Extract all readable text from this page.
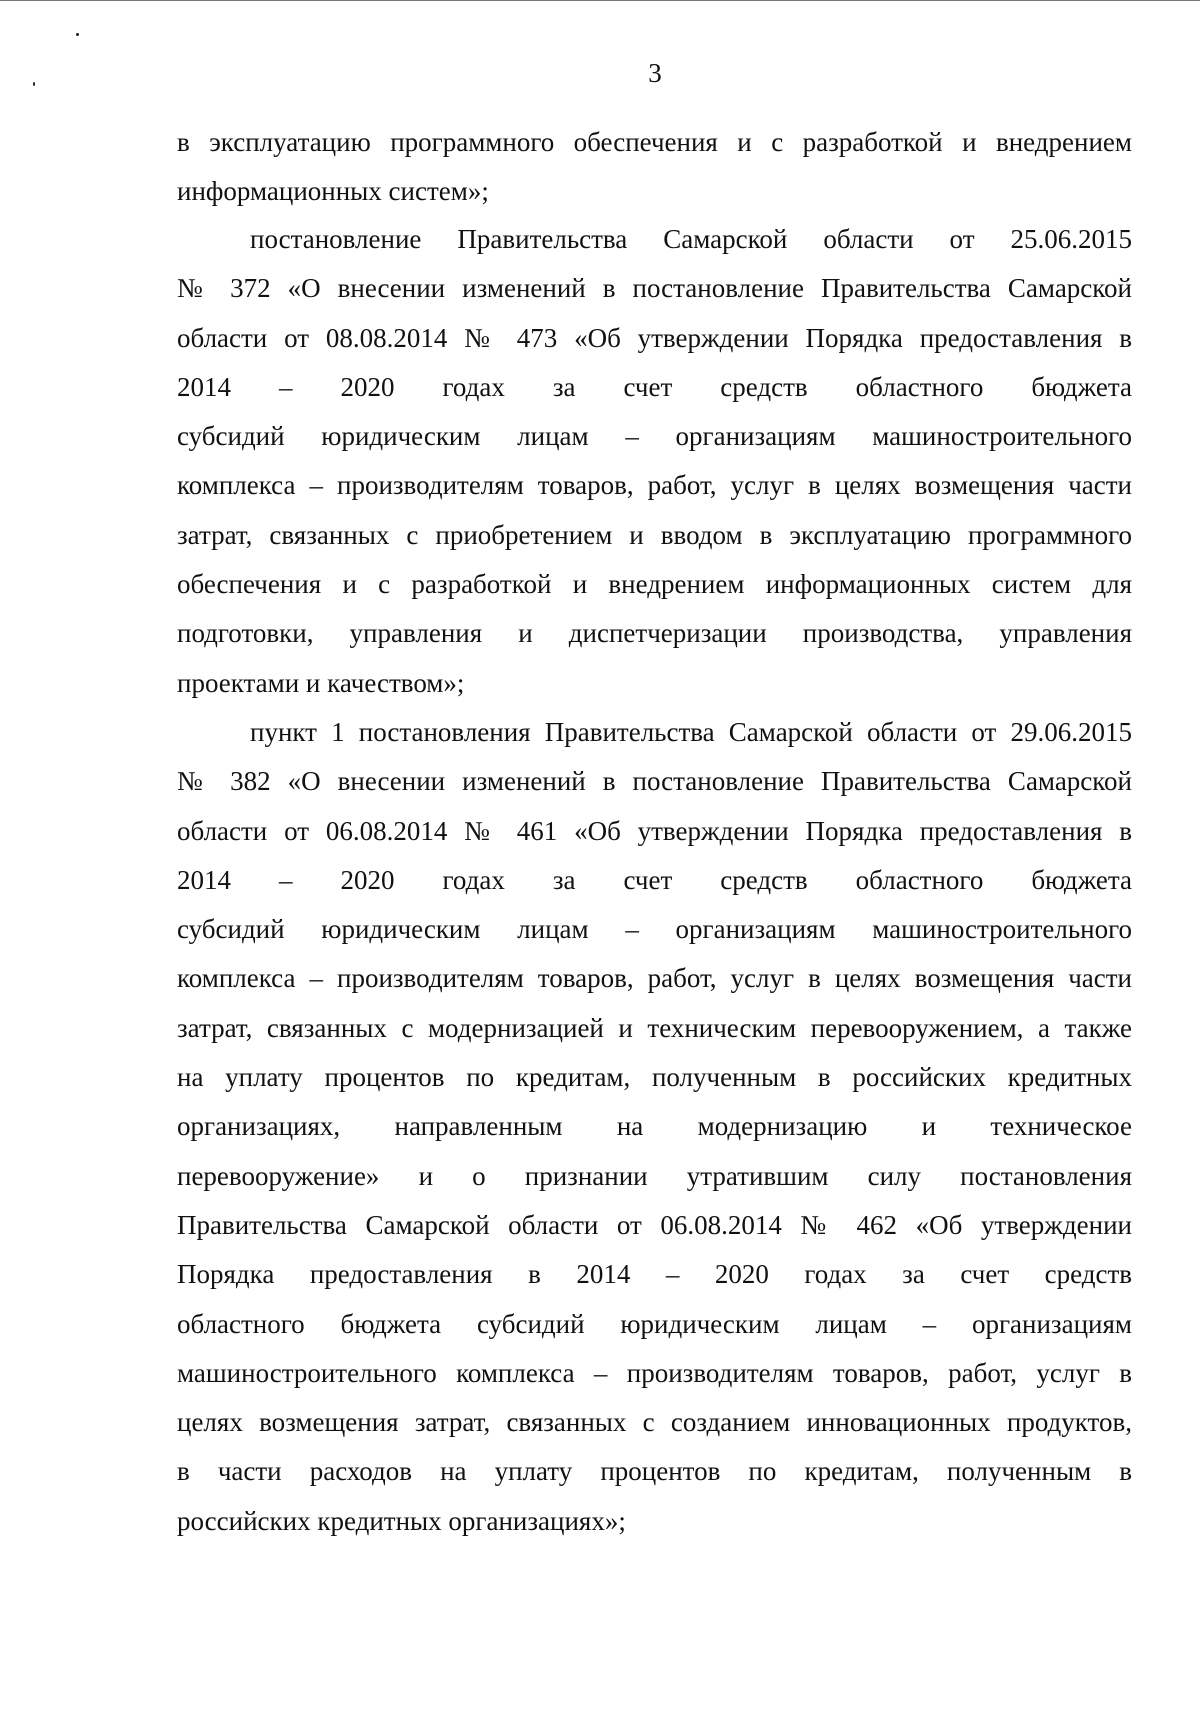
3
в эксплуатацию программного обеспечения и с разработкой и внедрением
информационных систем»;
постановление Правительства Самарской области от 25.06.2015
№ 372 «О внесении изменений в постановление Правительства Самарской
области от 08.08.2014 № 473 «Об утверждении Порядка предоставления в
2014 – 2020 годах за счет средств областного бюджета
субсидий юридическим лицам – организациям машиностроительного
комплекса – производителям товаров, работ, услуг в целях возмещения части
затрат, связанных с приобретением и вводом в эксплуатацию программного
обеспечения и с разработкой и внедрением информационных систем для
подготовки, управления и диспетчеризации производства, управления
проектами и качеством»;
пункт 1 постановления Правительства Самарской области от 29.06.2015
№ 382 «О внесении изменений в постановление Правительства Самарской
области от 06.08.2014 № 461 «Об утверждении Порядка предоставления в
2014 – 2020 годах за счет средств областного бюджета
субсидий юридическим лицам – организациям машиностроительного
комплекса – производителям товаров, работ, услуг в целях возмещения части
затрат, связанных с модернизацией и техническим перевооружением, а также
на уплату процентов по кредитам, полученным в российских кредитных
организациях, направленным на модернизацию и техническое
перевооружение» и о признании утратившим силу постановления
Правительства Самарской области от 06.08.2014 № 462 «Об утверждении
Порядка предоставления в 2014 – 2020 годах за счет средств
областного бюджета субсидий юридическим лицам – организациям
машиностроительного комплекса – производителям товаров, работ, услуг в
целях возмещения затрат, связанных с созданием инновационных продуктов,
в части расходов на уплату процентов по кредитам, полученным в
российских кредитных организациях»;
